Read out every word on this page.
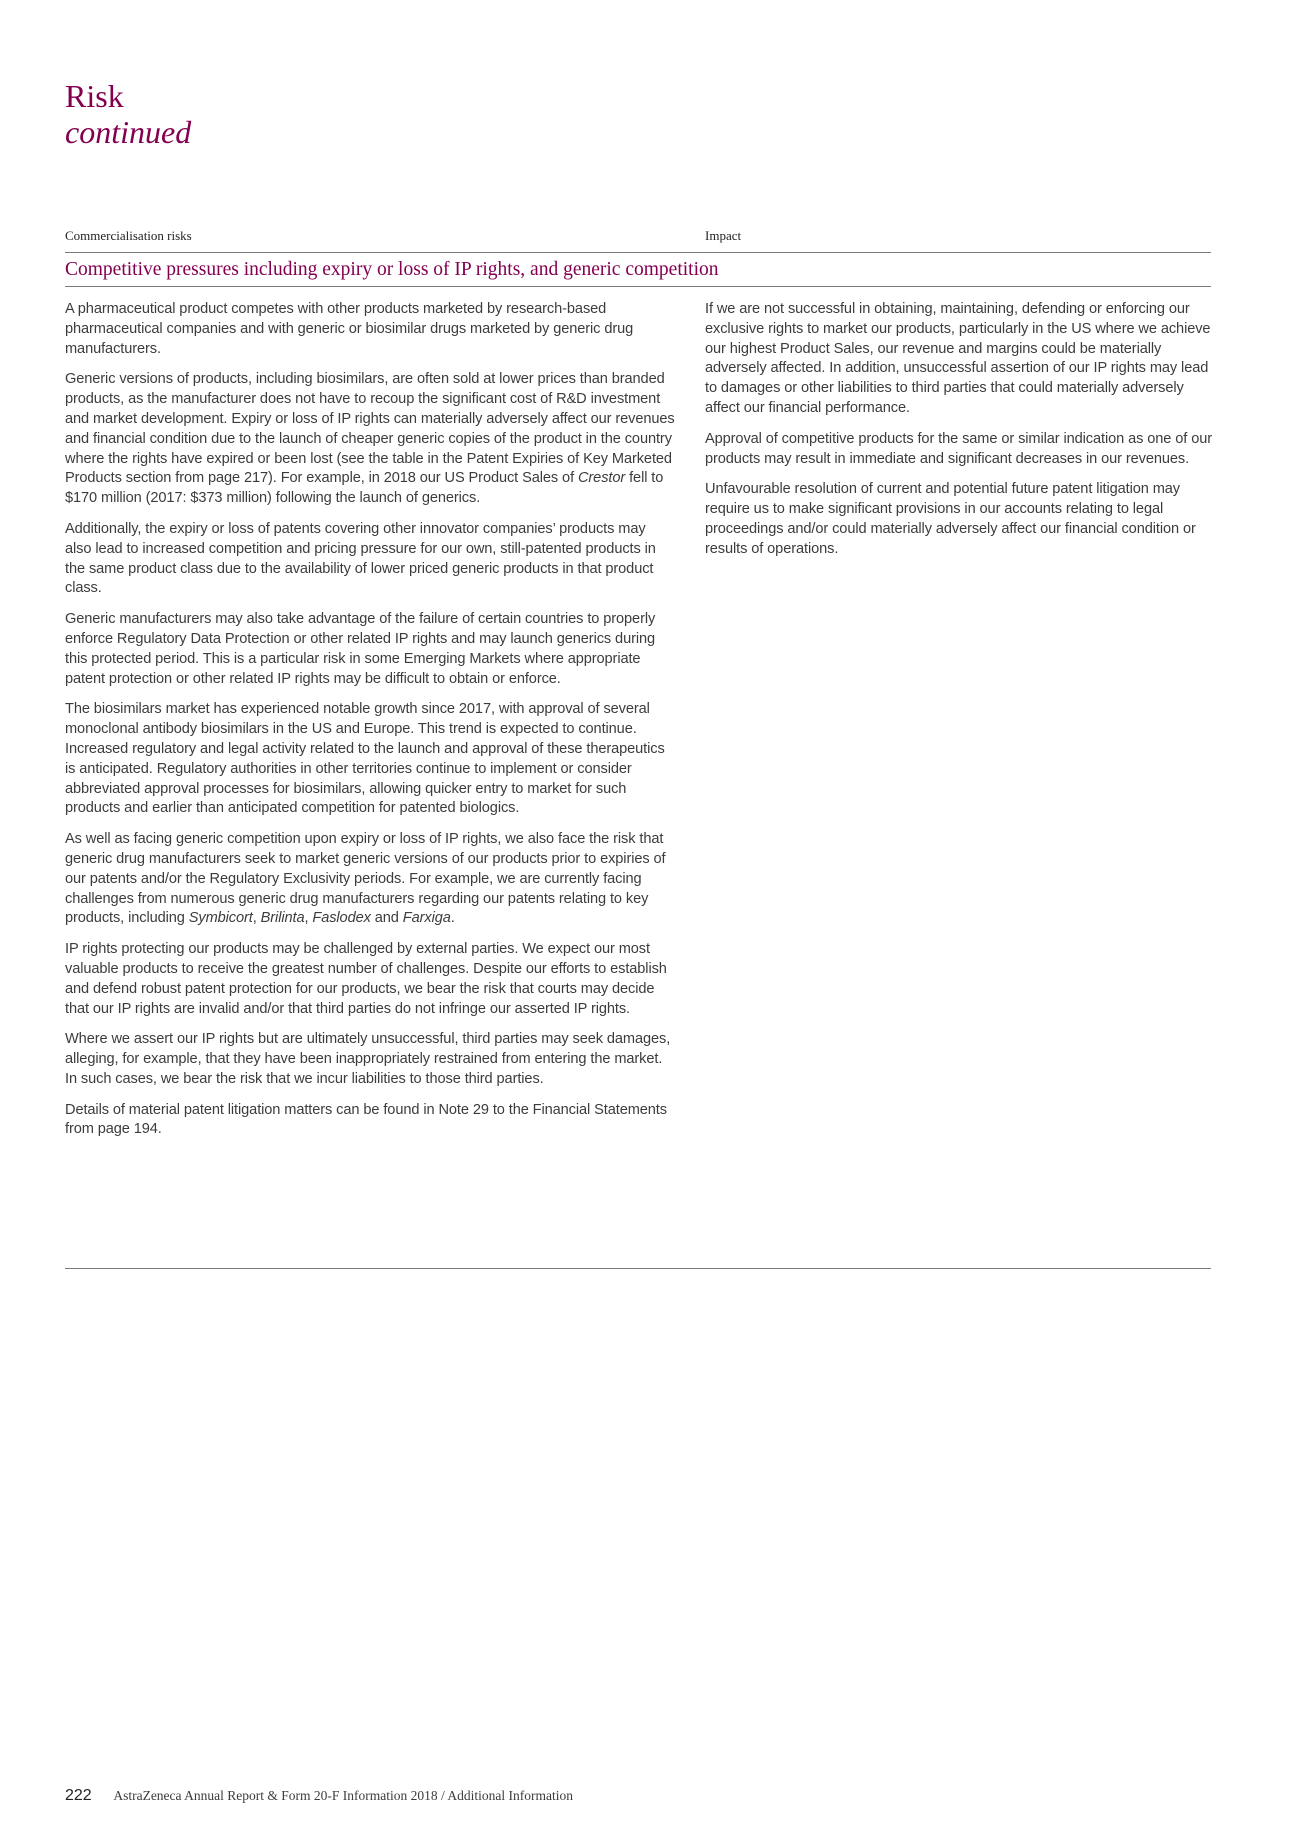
Risk
continued
Commercialisation risks	Impact
Competitive pressures including expiry or loss of IP rights, and generic competition

A pharmaceutical product competes with other products marketed by research-based pharmaceutical companies and with generic or biosimilar drugs marketed by generic drug manufacturers.

Generic versions of products, including biosimilars, are often sold at lower prices than branded products, as the manufacturer does not have to recoup the significant cost of R&D investment and market development. Expiry or loss of IP rights can materially adversely affect our revenues and financial condition due to the launch of cheaper generic copies of the product in the country where the rights have expired or been lost (see the table in the Patent Expiries of Key Marketed Products section from page 217). For example, in 2018 our US Product Sales of Crestor fell to $170 million (2017: $373 million) following the launch of generics.

Additionally, the expiry or loss of patents covering other innovator companies’ products may also lead to increased competition and pricing pressure for our own, still-patented products in the same product class due to the availability of lower priced generic products in that product class.

Generic manufacturers may also take advantage of the failure of certain countries to properly enforce Regulatory Data Protection or other related IP rights and may launch generics during this protected period. This is a particular risk in some Emerging Markets where appropriate patent protection or other related IP rights may be difficult to obtain or enforce.

The biosimilars market has experienced notable growth since 2017, with approval of several monoclonal antibody biosimilars in the US and Europe. This trend is expected to continue. Increased regulatory and legal activity related to the launch and approval of these therapeutics is anticipated. Regulatory authorities in other territories continue to implement or consider abbreviated approval processes for biosimilars, allowing quicker entry to market for such products and earlier than anticipated competition for patented biologics.

As well as facing generic competition upon expiry or loss of IP rights, we also face the risk that generic drug manufacturers seek to market generic versions of our products prior to expiries of our patents and/or the Regulatory Exclusivity periods. For example, we are currently facing challenges from numerous generic drug manufacturers regarding our patents relating to key products, including Symbicort, Brilinta, Faslodex and Farxiga.

IP rights protecting our products may be challenged by external parties. We expect our most valuable products to receive the greatest number of challenges. Despite our efforts to establish and defend robust patent protection for our products, we bear the risk that courts may decide that our IP rights are invalid and/or that third parties do not infringe our asserted IP rights.

Where we assert our IP rights but are ultimately unsuccessful, third parties may seek damages, alleging, for example, that they have been inappropriately restrained from entering the market. In such cases, we bear the risk that we incur liabilities to those third parties.

Details of material patent litigation matters can be found in Note 29 to the Financial Statements from page 194.

If we are not successful in obtaining, maintaining, defending or enforcing our exclusive rights to market our products, particularly in the US where we achieve our highest Product Sales, our revenue and margins could be materially adversely affected. In addition, unsuccessful assertion of our IP rights may lead to damages or other liabilities to third parties that could materially adversely affect our financial performance.

Approval of competitive products for the same or similar indication as one of our products may result in immediate and significant decreases in our revenues.

Unfavourable resolution of current and potential future patent litigation may require us to make significant provisions in our accounts relating to legal proceedings and/or could materially adversely affect our financial condition or results of operations.

222 AstraZeneca Annual Report & Form 20-F Information 2018 / Additional Information
